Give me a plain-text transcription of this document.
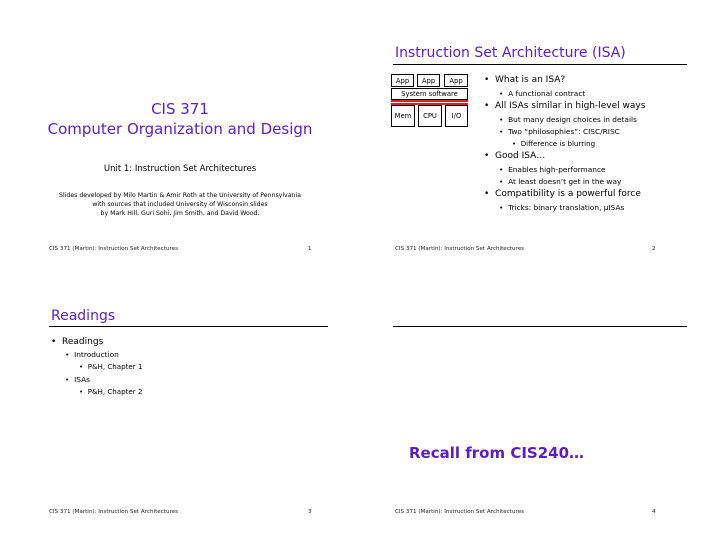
CIS 371
Computer Organization and Design
Unit 1: Instruction Set Architectures
Slides developed by Milo Martin & Amir Roth at the University of Pennsylvania
with sources that included University of Wisconsin slides
by Mark Hill, Guri Sohi, Jim Smith, and David Wood.
CIS 371 (Martin): Instruction Set Architectures	1
Instruction Set Architecture (ISA)
App	App	App
System software
Mem	CPU	I/O
•  What is an ISA?
•  A functional contract
•  All ISAs similar in high-level ways
•  But many design choices in details
•  Two “philosophies”: CISC/RISC
•  Difference is blurring
•  Good ISA…
•  Enables high-performance
•  At least doesn’t get in the way
•  Compatibility is a powerful force
•  Tricks: binary translation, μISAs
CIS 371 (Martin): Instruction Set Architectures	2
Readings
•  Readings
•  Introduction
•  P&H, Chapter 1
•  ISAs
•  P&H, Chapter 2
CIS 371 (Martin): Instruction Set Architectures	3
Recall from CIS240…
CIS 371 (Martin): Instruction Set Architectures	4
